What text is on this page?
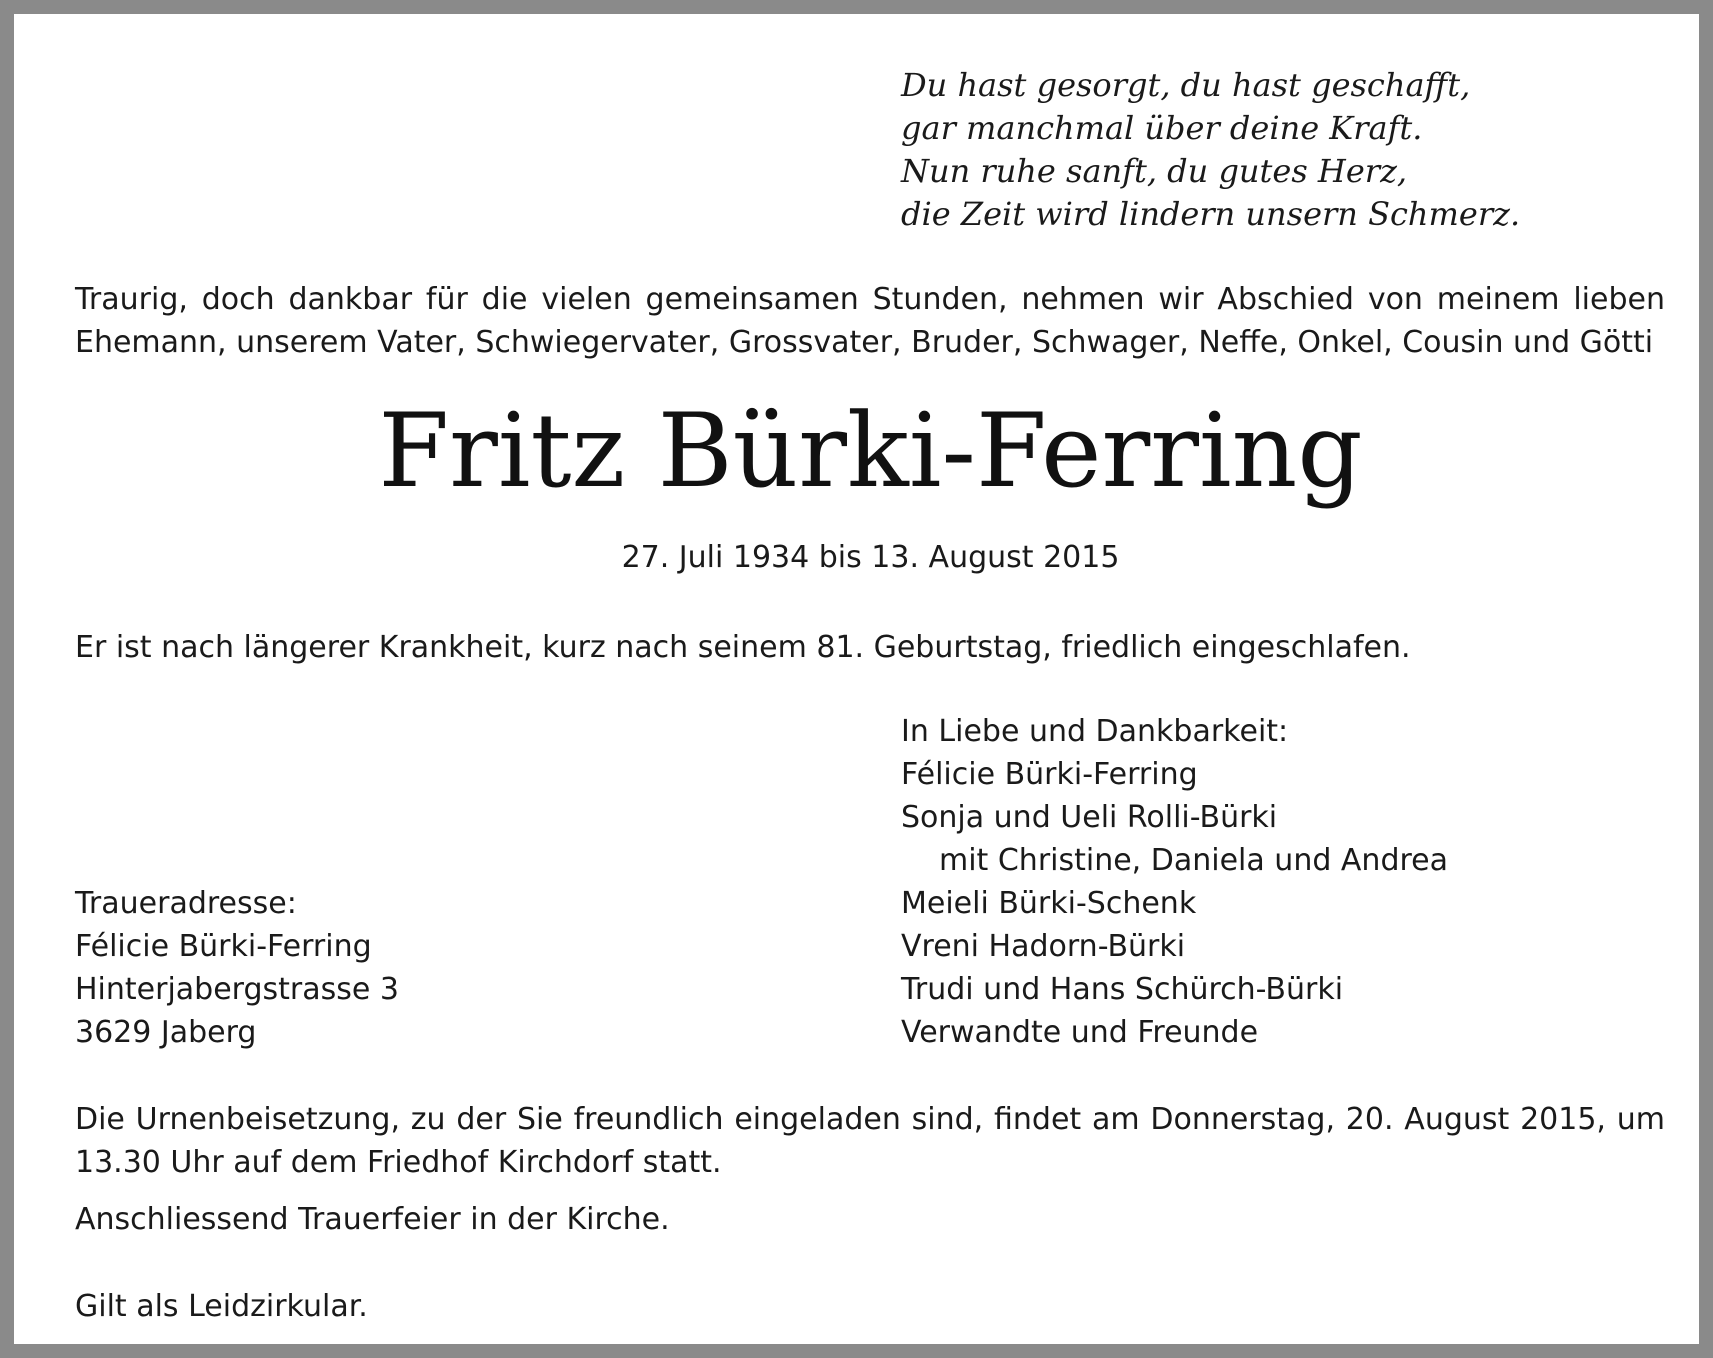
Du hast gesorgt, du hast geschafft,
gar manchmal über deine Kraft.
Nun ruhe sanft, du gutes Herz,
die Zeit wird lindern unsern Schmerz.
Traurig, doch dankbar für die vielen gemeinsamen Stunden, nehmen wir Abschied von meinem lieben Ehemann, unserem Vater, Schwiegervater, Grossvater, Bruder, Schwager, Neffe, Onkel, Cousin und Götti
Fritz Bürki-Ferring
27. Juli 1934 bis 13. August 2015
Er ist nach längerer Krankheit, kurz nach seinem 81. Geburtstag, friedlich eingeschlafen.
In Liebe und Dankbarkeit:
Félicie Bürki-Ferring
Sonja und Ueli Rolli-Bürki
mit Christine, Daniela und Andrea
Meieli Bürki-Schenk
Vreni Hadorn-Bürki
Trudi und Hans Schürch-Bürki
Verwandte und Freunde
Traueradresse:
Félicie Bürki-Ferring
Hinterjabergstrasse 3
3629 Jaberg
Die Urnenbeisetzung, zu der Sie freundlich eingeladen sind, findet am Donnerstag, 20. August 2015, um 13.30 Uhr auf dem Friedhof Kirchdorf statt.
Anschliessend Trauerfeier in der Kirche.
Gilt als Leidzirkular.
